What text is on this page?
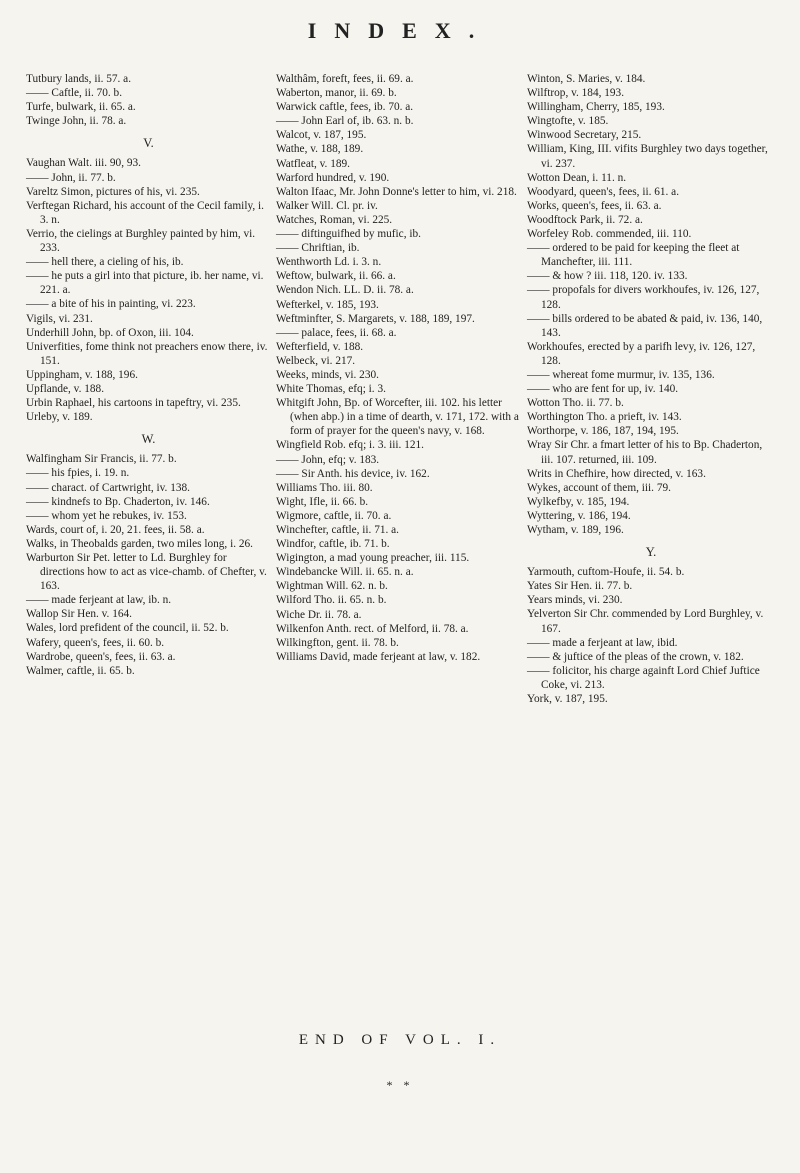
INDEX.

Tutbury lands, ii. 57. a.

—— Caftle, ii. 70. b.

Turfe, bulwark, ii. 65. a.

Twinge John, ii. 78. a.

V.

Vaughan Walt. iii. 90, 93.

—— John, ii. 77. b.

Vareltz Simon, pictures of his, vi. 235.

Verftegan Richard, his account of the Cecil family, i. 3. n.

Verrio, the cielings at Burghley painted by him, vi. 233.

—— hell there, a cieling of his, ib.

—— he puts a girl into that picture, ib. her name, vi. 221. a.

—— a bite of his in painting, vi. 223.

Vigils, vi. 231.

Underhill John, bp. of Oxon, iii. 104.

Univerfities, fome think not preachers enow there, iv. 151.

Uppingham, v. 188, 196.

Upflande, v. 188.

Urbin Raphael, his cartoons in tapeftry, vi. 235.

Urleby, v. 189.

W.

Walfingham Sir Francis, ii. 77. b.

—— his fpies, i. 19. n.

—— charact. of Cartwright, iv. 138.

—— kindnefs to Bp. Chaderton, iv. 146.

—— whom yet he rebukes, iv. 153.

Wards, court of, i. 20, 21. fees, ii. 58. a.

Walks, in Theobalds garden, two miles long, i. 26.

Warburton Sir Pet. letter to Ld. Burghley for directions how to act as vice-chamb. of Chefter, v. 163.

—— made ferjeant at law, ib. n.

Wallop Sir Hen. v. 164.

Wales, lord prefident of the council, ii. 52. b.

Wafery, queen's, fees, ii. 60. b.

Wardrobe, queen's, fees, ii. 63. a.

Walmer, caftle, ii. 65. b.

Walthâm, foreft, fees, ii. 69. a.

Waberton, manor, ii. 69. b.

Warwick caftle, fees, ib. 70. a.

—— John Earl of, ib. 63. n. b.

Walcot, v. 187, 195.

Wathe, v. 188, 189.

Watfleat, v. 189.

Warford hundred, v. 190.

Walton Ifaac, Mr. John Donne's letter to him, vi. 218.

Walker Will. Cl. pr. iv.

Watches, Roman, vi. 225.

—— diftinguifhed by mufic, ib.

—— Chriftian, ib.

Wenthworth Ld. i. 3. n.

Weftow, bulwark, ii. 66. a.

Wendon Nich. LL. D. ii. 78. a.

Wefterkel, v. 185, 193.

Weftminfter, S. Margarets, v. 188, 189, 197.

—— palace, fees, ii. 68. a.

Wefterfield, v. 188.

Welbeck, vi. 217.

Weeks, minds, vi. 230.

White Thomas, efq; i. 3.

Whitgift John, Bp. of Worcefter, iii. 102. his letter (when abp.) in a time of dearth, v. 171, 172. with a form of prayer for the queen's navy, v. 168.

Wingfield Rob. efq; i. 3. iii. 121.

—— John, efq; v. 183.

—— Sir Anth. his device, iv. 162.

Williams Tho. iii. 80.

Wight, Ifle, ii. 66. b.

Wigmore, caftle, ii. 70. a.

Winchefter, caftle, ii. 71. a.

Windfor, caftle, ib. 71. b.

Wigington, a mad young preacher, iii. 115.

Windebancke Will. ii. 65. n. a.

Wightman Will. 62. n. b.

Wilford Tho. ii. 65. n. b.

Wiche Dr. ii. 78. a.

Wilkenfon Anth. rect. of Melford, ii. 78. a.

Wilkingfton, gent. ii. 78. b.

Williams David, made ferjeant at law, v. 182.

Winton, S. Maries, v. 184.

Wilftrop, v. 184, 193.

Willingham, Cherry, 185, 193.

Wingtofte, v. 185.

Winwood Secretary, 215.

William, King, III. vifits Burghley two days together, vi. 237.

Wotton Dean, i. 11. n.

Woodyard, queen's, fees, ii. 61. a.

Works, queen's, fees, ii. 63. a.

Woodftock Park, ii. 72. a.

Worfeley Rob. commended, iii. 110.

—— ordered to be paid for keeping the fleet at Manchefter, iii. 111.

—— & how ? iii. 118, 120. iv. 133.

—— propofals for divers workhoufes, iv. 126, 127, 128.

—— bills ordered to be abated & paid, iv. 136, 140, 143.

Workhoufes, erected by a parifh levy, iv. 126, 127, 128.

—— whereat fome murmur, iv. 135, 136.

—— who are fent for up, iv. 140.

Wotton Tho. ii. 77. b.

Worthington Tho. a prieft, iv. 143.

Worthorpe, v. 186, 187, 194, 195.

Wray Sir Chr. a fmart letter of his to Bp. Chaderton, iii. 107. returned, iii. 109.

Writs in Chefhire, how directed, v. 163.

Wykes, account of them, iii. 79.

Wylkefby, v. 185, 194.

Wyttering, v. 186, 194.

Wytham, v. 189, 196.

Y.

Yarmouth, cuftom-Houfe, ii. 54. b.

Yates Sir Hen. ii. 77. b.

Years minds, vi. 230.

Yelverton Sir Chr. commended by Lord Burghley, v. 167.

—— made a ferjeant at law, ibid.

—— & juftice of the pleas of the crown, v. 182.

—— folicitor, his charge againft Lord Chief Juftice Coke, vi. 213.

York, v. 187, 195.

END OF VOL. I.
* *
